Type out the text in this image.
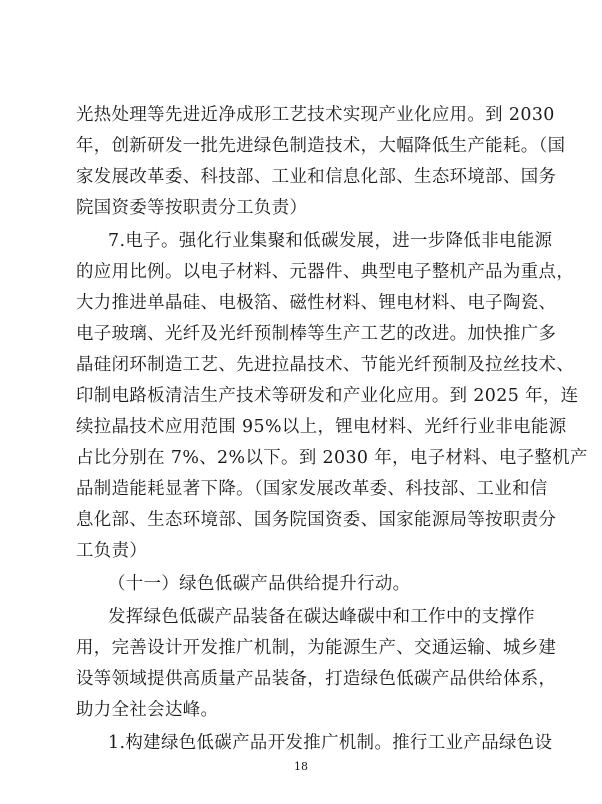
光热处理等先进近净成形工艺技术实现产业化应用。到 2030
年，创新研发一批先进绿色制造技术，大幅降低生产能耗。（国
家发展改革委、科技部、工业和信息化部、生态环境部、国务
院国资委等按职责分工负责）
7.电子。强化行业集聚和低碳发展，进一步降低非电能源
的应用比例。以电子材料、元器件、典型电子整机产品为重点，
大力推进单晶硅、电极箔、磁性材料、锂电材料、电子陶瓷、
电子玻璃、光纤及光纤预制棒等生产工艺的改进。加快推广多
晶硅闭环制造工艺、先进拉晶技术、节能光纤预制及拉丝技术、
印制电路板清洁生产技术等研发和产业化应用。到 2025 年，连
续拉晶技术应用范围 95%以上，锂电材料、光纤行业非电能源
占比分别在 7%、2%以下。到 2030 年，电子材料、电子整机产
品制造能耗显著下降。（国家发展改革委、科技部、工业和信
息化部、生态环境部、国务院国资委、国家能源局等按职责分
工负责）
（十一）绿色低碳产品供给提升行动。
发挥绿色低碳产品装备在碳达峰碳中和工作中的支撑作
用，完善设计开发推广机制，为能源生产、交通运输、城乡建
设等领域提供高质量产品装备，打造绿色低碳产品供给体系，
助力全社会达峰。
1.构建绿色低碳产品开发推广机制。推行工业产品绿色设
18
